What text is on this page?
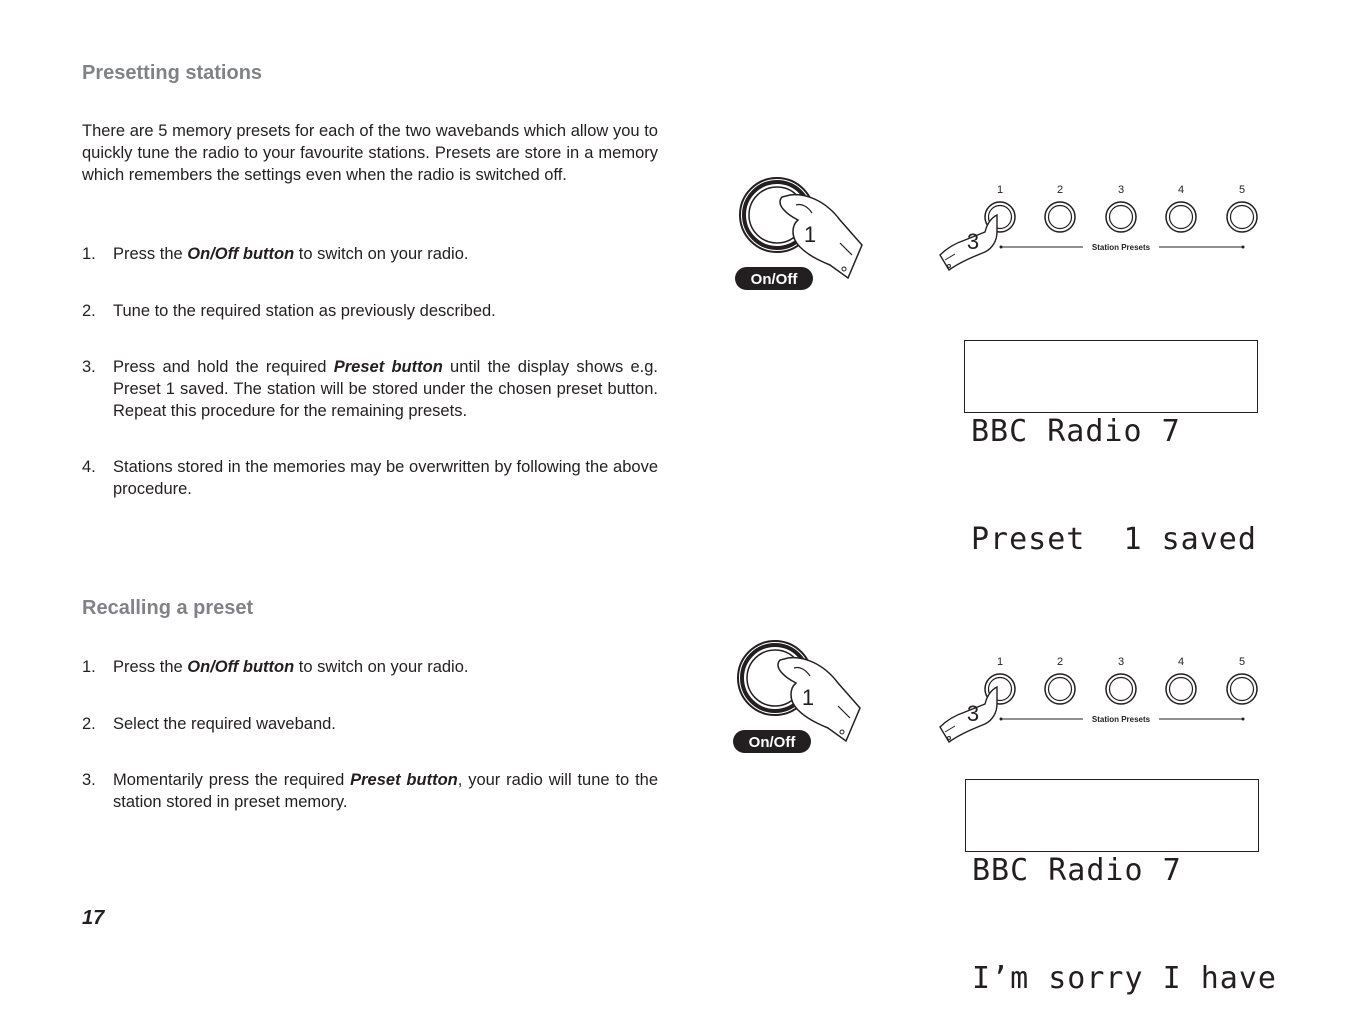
Presetting stations

There are 5 memory presets for each of the two wavebands which allow you to quickly tune the radio to your favourite stations. Presets are store in a memory which remembers the settings even when the radio is switched off.

1. Press the On/Off button to switch on your radio.
2. Tune to the required station as previously described.
3. Press and hold the required Preset button until the display shows e.g. Preset 1 saved. The station will be stored under the chosen preset button. Repeat this procedure for the remaining presets.
4. Stations stored in the memories may be overwritten by following the above procedure.
Recalling a preset
1. Press the On/Off button to switch on your radio.
2. Select the required waveband.
3. Momentarily press the required Preset button, your radio will tune to the station stored in preset memory.
17
On/Off
1
1	2	3	4	5
Station Presets
3

BBC Radio 7

Preset  1 saved

On/Off
1
1	2	3	4	5
Station Presets
3

BBC Radio 7

I’m sorry I have
